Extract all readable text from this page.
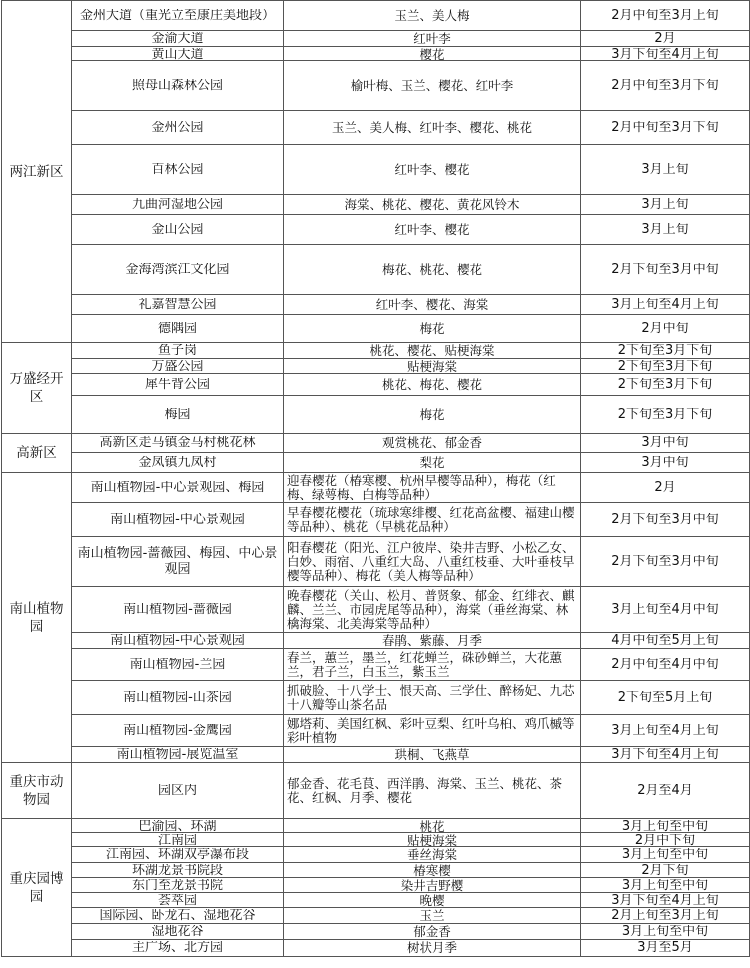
两江新区	金州大道（重光立至康庄美地段）	玉兰、美人梅	2月中旬至3月上旬

	金渝大道	红叶李	2月

	黄山大道	樱花	3月下旬至4月上旬

	照母山森林公园	榆叶梅、玉兰、樱花、红叶李	2月中旬至3月下旬

	金州公园	玉兰、美人梅、红叶李、樱花、桃花	2月中旬至3月下旬

	百林公园	红叶李、樱花	3月上旬

	九曲河湿地公园	海棠、桃花、樱花、黄花风铃木	3月上旬

	金山公园	红叶李、樱花	3月上旬

	金海湾滨江文化园	梅花、桃花、樱花	2月下旬至3月中旬

	礼嘉智慧公园	红叶李、樱花、海棠	3月上旬至4月上旬

	德隅园	梅花	2月中旬

万盛经开区	鱼子岗	桃花、樱花、贴梗海棠	2下旬至3月下旬

	万盛公园	贴梗海棠	2下旬至3月下旬

	犀牛背公园	桃花、梅花、樱花	2下旬至3月下旬

	梅园	梅花	2下旬至3月下旬

高新区	高新区走马镇金马村桃花林	观赏桃花、郁金香	3月中旬

	金凤镇九凤村	梨花	3月中旬

南山植物园	南山植物园-中心景观园、梅园	迎春樱花（椿寒樱、杭州早樱等品种），梅花（红梅、绿萼梅、白梅等品种）	2月

	南山植物园-中心景观园	早春樱花樱花（琉球寒绯樱、红花高盆樱、福建山樱等品种）、桃花（早桃花品种）	2月下旬至3月中旬

	南山植物园-蔷薇园、梅园、中心景观园	阳春樱花（阳光、江户彼岸、染井吉野、小松乙女、白妙、雨宿、八重红大岛、八重红枝垂、大叶垂枝早樱等品种）、梅花（美人梅等品种）	2月下旬至3月中旬

	南山植物园-蔷薇园	晚春樱花（关山、松月、普贤象、郁金、红绯衣、麒麟、兰兰、市园虎尾等品种），海棠（垂丝海棠、林檎海棠、北美海棠等品种）	3月上旬至4月中旬

	南山植物园-中心景观园	春鹃、紫藤、月季	4月中旬至5月上旬

	南山植物园-兰园	春兰，蕙兰，墨兰，红花蝉兰，硃砂蝉兰，大花蕙兰，君子兰，白玉兰，紫玉兰	2月中旬至4月中旬

	南山植物园-山茶园	抓破脸、十八学士、恨天高、三学仕、醉杨妃、九芯十八瓣等山茶名品	2下旬至5月上旬

	南山植物园-金鹰园	娜塔莉、美国红枫、彩叶豆梨、红叶乌桕、鸡爪槭等彩叶植物	3月上旬至4月上旬

	南山植物园-展览温室	珙桐、飞燕草	3月下旬至4月上旬

重庆市动物园	园区内	郁金香、花毛茛、西洋鹃、海棠、玉兰、桃花、茶花、红枫、月季、樱花	2月至4月

重庆园博园	巴渝园、环湖	桃花	3月上旬至中旬

	江南园	贴梗海棠	2月中下旬

	江南园、环湖双亭瀑布段	垂丝海棠	3月上旬至中旬

	环湖龙景书院段	椿寒樱	2月下旬

	东门至龙景书院	染井吉野樱	3月上旬至中旬

	荟萃园	晚樱	3月下旬至4月上旬

	国际园、卧龙石、湿地花谷	玉兰	2月上旬至3月上旬

	湿地花谷	郁金香	3月上旬至中旬

	主广场、北方园	树状月季	3月至5月
